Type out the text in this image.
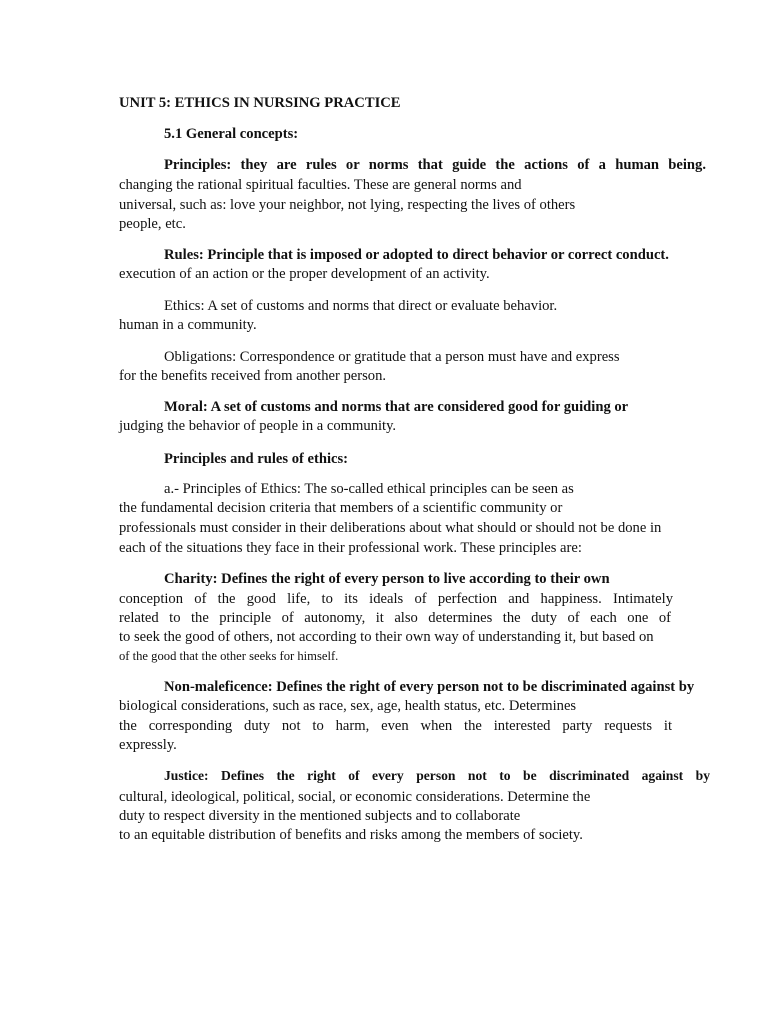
UNIT 5: ETHICS IN NURSING PRACTICE
5.1 General concepts:
Principles: they are rules or norms that guide the actions of a human being.
changing the rational spiritual faculties. These are general norms and
universal, such as: love your neighbor, not lying, respecting the lives of others
people, etc.
Rules: Principle that is imposed or adopted to direct behavior or correct conduct.
execution of an action or the proper development of an activity.
Ethics: A set of customs and norms that direct or evaluate behavior.
human in a community.
Obligations: Correspondence or gratitude that a person must have and express
for the benefits received from another person.
Moral: A set of customs and norms that are considered good for guiding or
judging the behavior of people in a community.
Principles and rules of ethics:
a.- Principles of Ethics: The so-called ethical principles can be seen as
the fundamental decision criteria that members of a scientific community or
professionals must consider in their deliberations about what should or should not be done in
each of the situations they face in their professional work. These principles are:
Charity: Defines the right of every person to live according to their own
conception of the good life, to its ideals of perfection and happiness. Intimately
related to the principle of autonomy, it also determines the duty of each one of
to seek the good of others, not according to their own way of understanding it, but based on
of the good that the other seeks for himself.
Non-maleficence: Defines the right of every person not to be discriminated against by
biological considerations, such as race, sex, age, health status, etc. Determines
the corresponding duty not to harm, even when the interested party requests it
expressly.
Justice: Defines the right of every person not to be discriminated against by
cultural, ideological, political, social, or economic considerations. Determine the
duty to respect diversity in the mentioned subjects and to collaborate
to an equitable distribution of benefits and risks among the members of society.
